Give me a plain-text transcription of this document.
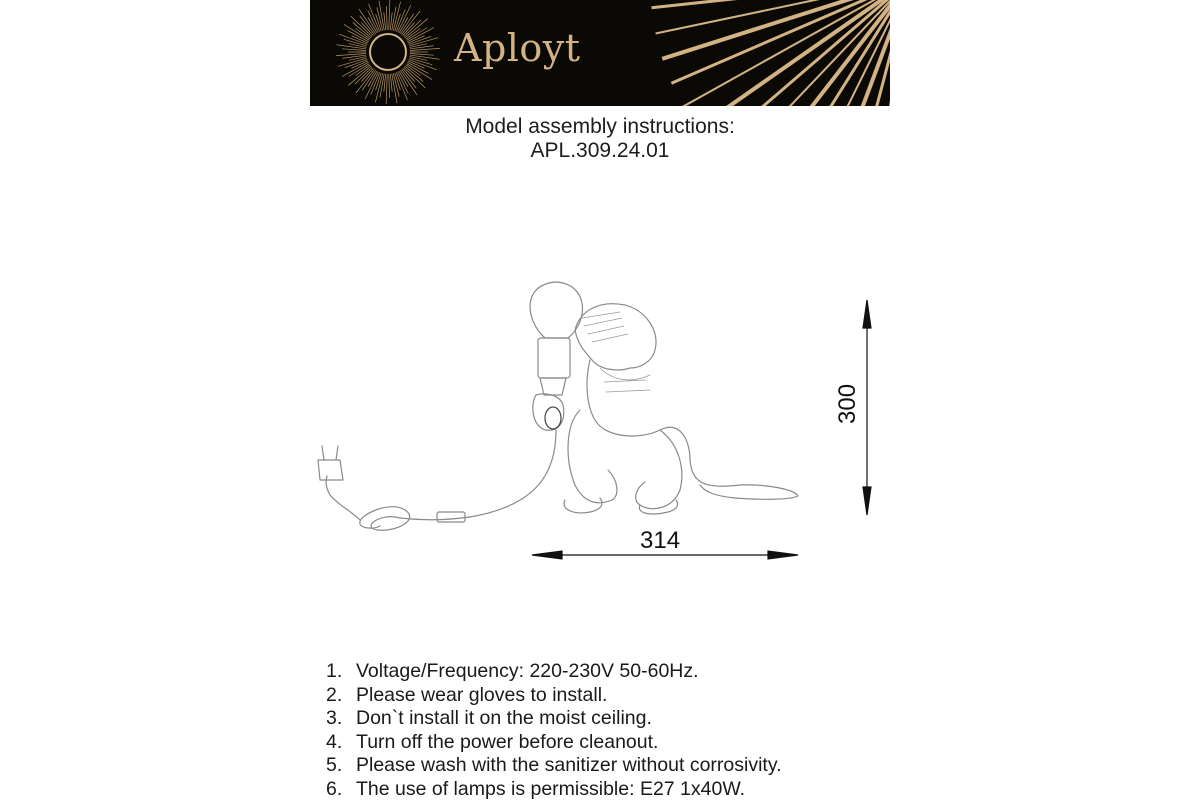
Aployt
Model assembly instructions:
APL.309.24.01
314
300
1. Voltage/Frequency: 220-230V 50-60Hz.
2. Please wear gloves to install.
3. Don`t install it on the moist ceiling.
4. Turn off the power before cleanout.
5. Please wash with the sanitizer without corrosivity.
6. The use of lamps is permissible: E27 1x40W.
